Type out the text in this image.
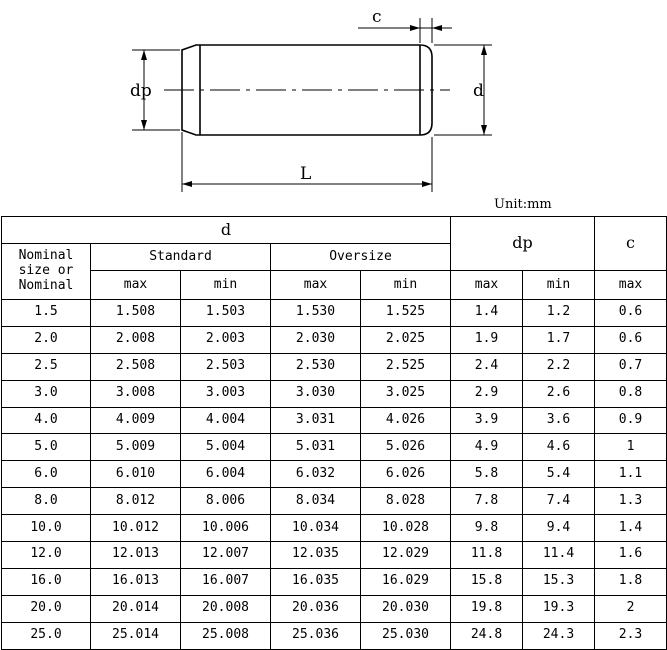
c
dp	d
L
Unit:mm
d					dp		c
Nominal
size or
Nominal	Standard		Oversize				
	max	min	max	min	max	min	max
1.5	1.508	1.503	1.530	1.525	1.4	1.2	0.6
2.0	2.008	2.003	2.030	2.025	1.9	1.7	0.6
2.5	2.508	2.503	2.530	2.525	2.4	2.2	0.7
3.0	3.008	3.003	3.030	3.025	2.9	2.6	0.8
4.0	4.009	4.004	3.031	4.026	3.9	3.6	0.9
5.0	5.009	5.004	5.031	5.026	4.9	4.6	1
6.0	6.010	6.004	6.032	6.026	5.8	5.4	1.1
8.0	8.012	8.006	8.034	8.028	7.8	7.4	1.3
10.0	10.012	10.006	10.034	10.028	9.8	9.4	1.4
12.0	12.013	12.007	12.035	12.029	11.8	11.4	1.6
16.0	16.013	16.007	16.035	16.029	15.8	15.3	1.8
20.0	20.014	20.008	20.036	20.030	19.8	19.3	2
25.0	25.014	25.008	25.036	25.030	24.8	24.3	2.3
